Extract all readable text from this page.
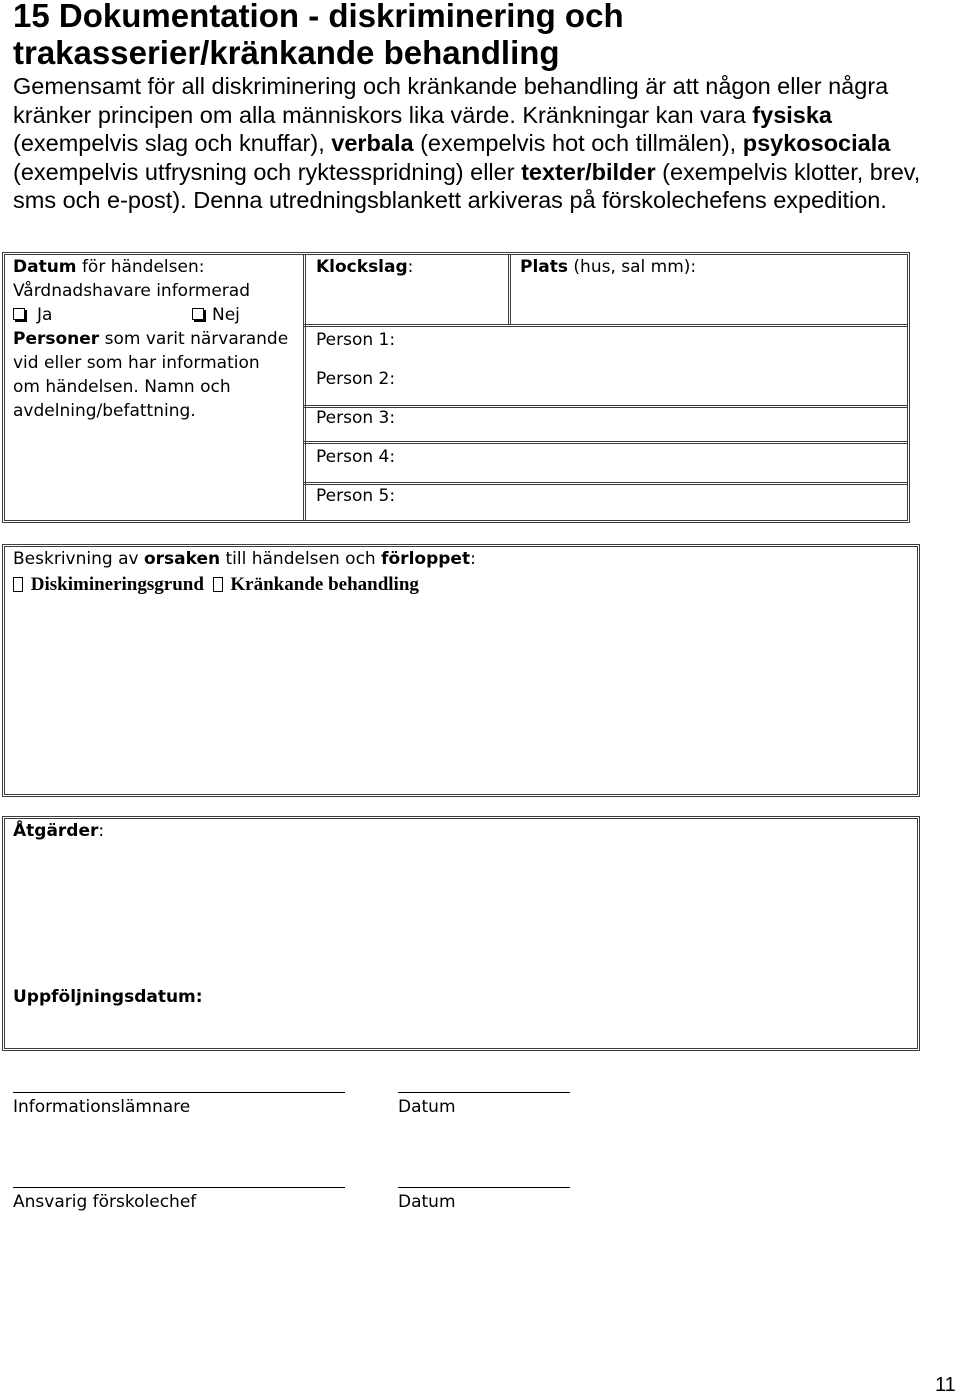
15 Dokumentation - diskriminering och
trakasserier/kränkande behandling
Gemensamt för all diskriminering och kränkande behandling är att någon eller några
kränker principen om alla människors lika värde. Kränkningar kan vara fysiska
(exempelvis slag och knuffar), verbala (exempelvis hot och tillmälen), psykosociala
(exempelvis utfrysning och ryktesspridning) eller texter/bilder (exempelvis klotter, brev,
sms och e-post). Denna utredningsblankett arkiveras på förskolechefens expedition.
Datum för händelsen:
Vårdnadshavare informerad
Ja	Nej
Personer som varit närvarande
vid eller som har information
om händelsen. Namn och
avdelning/befattning.
Klockslag:	Plats (hus, sal mm):
Person 1:
Person 2:
Person 3:
Person 4:
Person 5:
Beskrivning av orsaken till händelsen och förloppet:
Diskimineringsgrund Kränkande behandling
Åtgärder:
Uppföljningsdatum:
Informationslämnare	Datum
Ansvarig förskolechef	Datum
11
